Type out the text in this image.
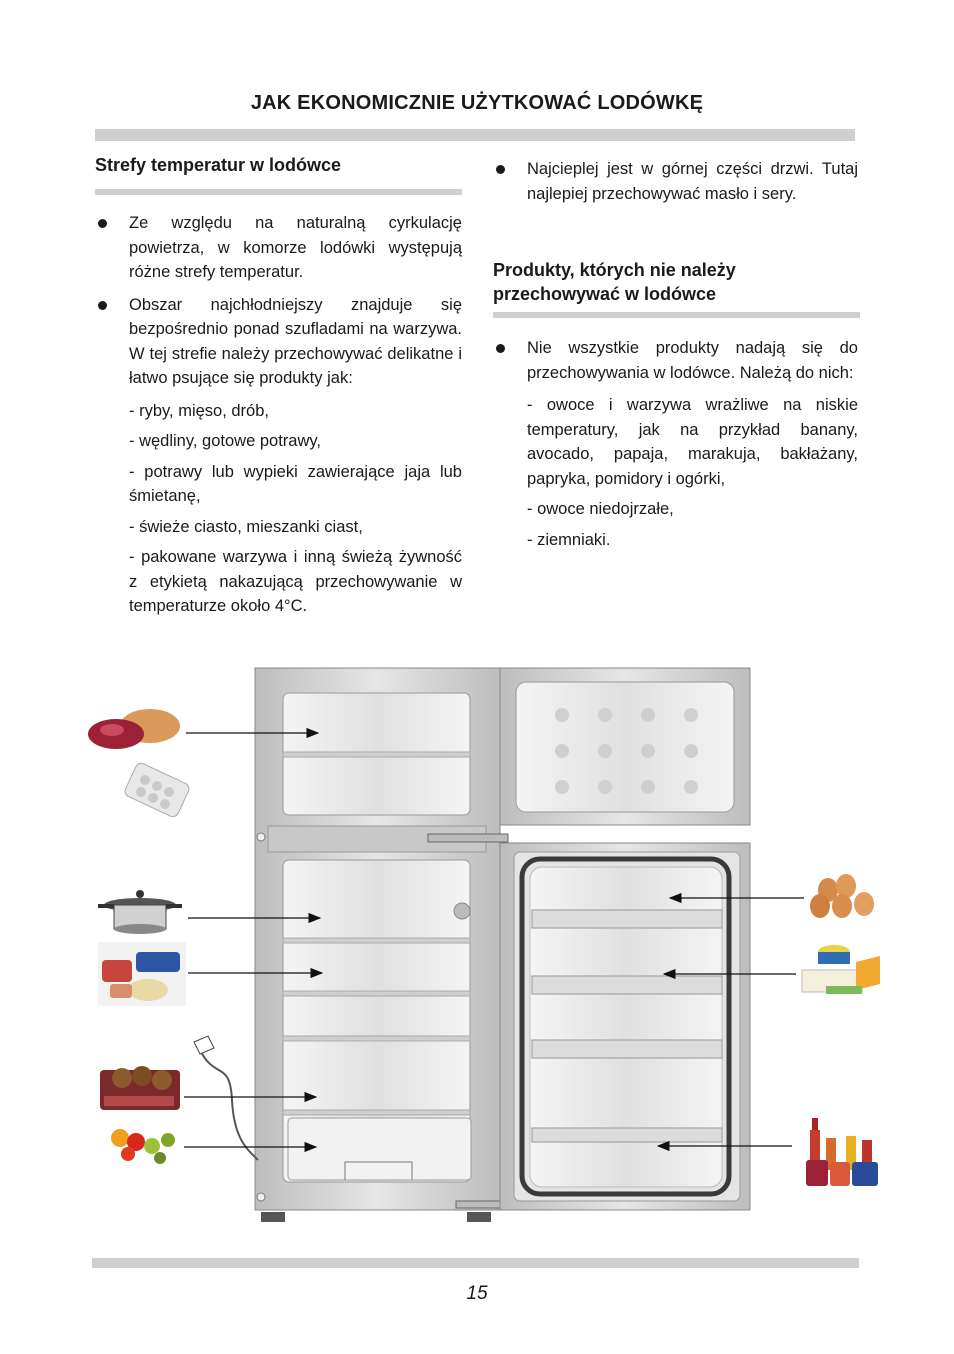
JAK EKONOMICZNIE UŻYTKOWAĆ LODÓWKĘ
Strefy temperatur w lodówce
Ze względu na naturalną cyrkulację powietrza, w komorze lodówki występują różne strefy temperatur.
Obszar najchłodniejszy znajduje się bezpośrednio ponad szufladami na warzywa. W tej strefie należy przechowywać delikatne i łatwo psujące się produkty jak:

- ryby, mięso, drób,

- wędliny, gotowe potrawy,

- potrawy lub wypieki zawierające jaja lub śmietanę,

- świeże ciasto, mieszanki ciast,

- pakowane warzywa i inną świeżą żywność z etykietą nakazującą przechowywanie w temperaturze około 4°C.

Najcieplej jest w górnej części drzwi. Tutaj najlepiej przechowywać masło i sery.
Produkty, których nie należy
przechowywać w lodówce
Nie wszystkie produkty nadają się do przechowywania w lodówce. Należą do nich:

- owoce i warzywa wrażliwe na niskie temperatury, jak na przykład banany, avocado, papaja, marakuja, bakłażany, papryka, pomidory i ogórki,

- owoce niedojrzałe,

- ziemniaki.

15
